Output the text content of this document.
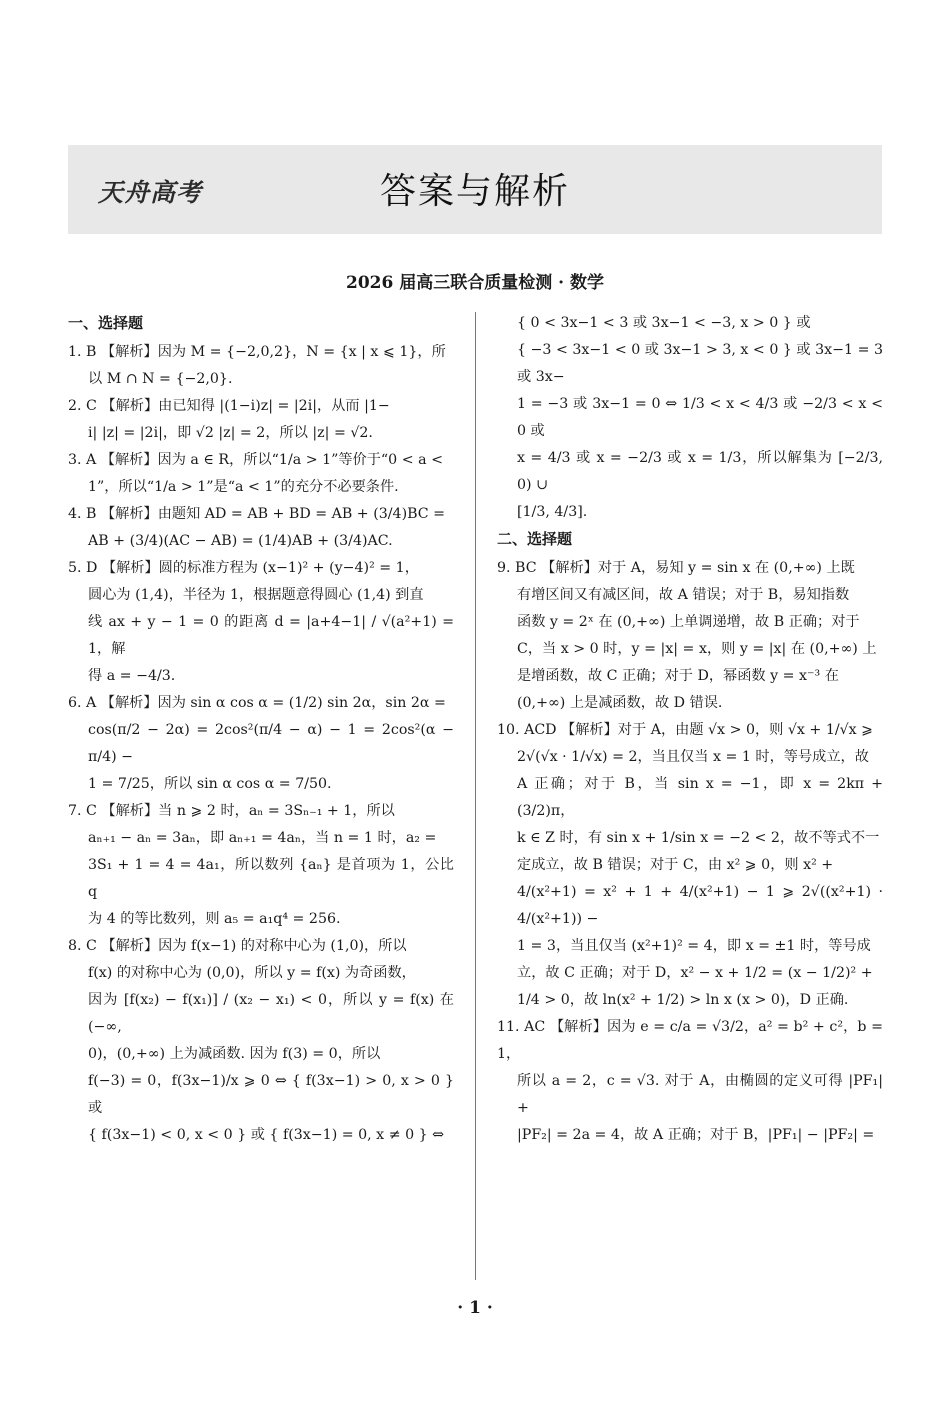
天舟高考	答案与解析
2026 届高三联合质量检测 · 数学
一、选择题
1. B 【解析】因为 M = {−2,0,2}，N = {x | x ⩽ 1}，所
以 M ∩ N = {−2,0}.
2. C 【解析】由已知得 |(1−i)z| = |2i|，从而 |1−
i| |z| = |2i|，即 √2 |z| = 2，所以 |z| = √2.
3. A 【解析】因为 a ∈ R，所以“1/a > 1”等价于“0 < a <
1”，所以“1/a > 1”是“a < 1”的充分不必要条件.
4. B 【解析】由题知 AD = AB + BD = AB + (3/4)BC =
AB + (3/4)(AC − AB) = (1/4)AB + (3/4)AC.
5. D 【解析】圆的标准方程为 (x−1)² + (y−4)² = 1，
圆心为 (1,4)，半径为 1，根据题意得圆心 (1,4) 到直
线 ax + y − 1 = 0 的距离 d = |a+4−1| / √(a²+1) = 1，解
得 a = −4/3.
6. A 【解析】因为 sin α cos α = (1/2) sin 2α，sin 2α =
cos(π/2 − 2α) = 2cos²(π/4 − α) − 1 = 2cos²(α − π/4) −
1 = 7/25，所以 sin α cos α = 7/50.
7. C 【解析】当 n ⩾ 2 时，aₙ = 3Sₙ₋₁ + 1，所以
aₙ₊₁ − aₙ = 3aₙ，即 aₙ₊₁ = 4aₙ，当 n = 1 时，a₂ =
3S₁ + 1 = 4 = 4a₁，所以数列 {aₙ} 是首项为 1，公比 q
为 4 的等比数列，则 a₅ = a₁q⁴ = 256.
8. C 【解析】因为 f(x−1) 的对称中心为 (1,0)，所以
f(x) 的对称中心为 (0,0)，所以 y = f(x) 为奇函数，
因为 [f(x₂) − f(x₁)] / (x₂ − x₁) < 0，所以 y = f(x) 在 (−∞,
0)，(0,+∞) 上为减函数. 因为 f(3) = 0，所以
f(−3) = 0，f(3x−1)/x ⩾ 0 ⇔ { f(3x−1) > 0, x > 0 } 或
{ f(3x−1) < 0, x < 0 } 或 { f(3x−1) = 0, x ≠ 0 } ⇔
{ 0 < 3x−1 < 3 或 3x−1 < −3, x > 0 } 或
{ −3 < 3x−1 < 0 或 3x−1 > 3, x < 0 } 或 3x−1 = 3 或 3x−
1 = −3 或 3x−1 = 0 ⇔ 1/3 < x < 4/3 或 −2/3 < x < 0 或
x = 4/3 或 x = −2/3 或 x = 1/3，所以解集为 [−2/3, 0) ∪
[1/3, 4/3].
二、选择题
9. BC 【解析】对于 A，易知 y = sin x 在 (0,+∞) 上既
有增区间又有减区间，故 A 错误；对于 B，易知指数
函数 y = 2ˣ 在 (0,+∞) 上单调递增，故 B 正确；对于
C，当 x > 0 时，y = |x| = x，则 y = |x| 在 (0,+∞) 上
是增函数，故 C 正确；对于 D，幂函数 y = x⁻³ 在
(0,+∞) 上是减函数，故 D 错误.
10. ACD 【解析】对于 A，由题 √x > 0，则 √x + 1/√x ⩾
2√(√x · 1/√x) = 2，当且仅当 x = 1 时，等号成立，故
A 正确；对于 B，当 sin x = −1，即 x = 2kπ + (3/2)π，
k ∈ Z 时，有 sin x + 1/sin x = −2 < 2，故不等式不一
定成立，故 B 错误；对于 C，由 x² ⩾ 0，则 x² +
4/(x²+1) = x² + 1 + 4/(x²+1) − 1 ⩾ 2√((x²+1) · 4/(x²+1)) −
1 = 3，当且仅当 (x²+1)² = 4，即 x = ±1 时，等号成
立，故 C 正确；对于 D，x² − x + 1/2 = (x − 1/2)² +
1/4 > 0，故 ln(x² + 1/2) > ln x (x > 0)，D 正确.
11. AC 【解析】因为 e = c/a = √3/2，a² = b² + c²，b = 1，
所以 a = 2，c = √3. 对于 A，由椭圆的定义可得 |PF₁| +
|PF₂| = 2a = 4，故 A 正确；对于 B，|PF₁| − |PF₂| =
· 1 ·
